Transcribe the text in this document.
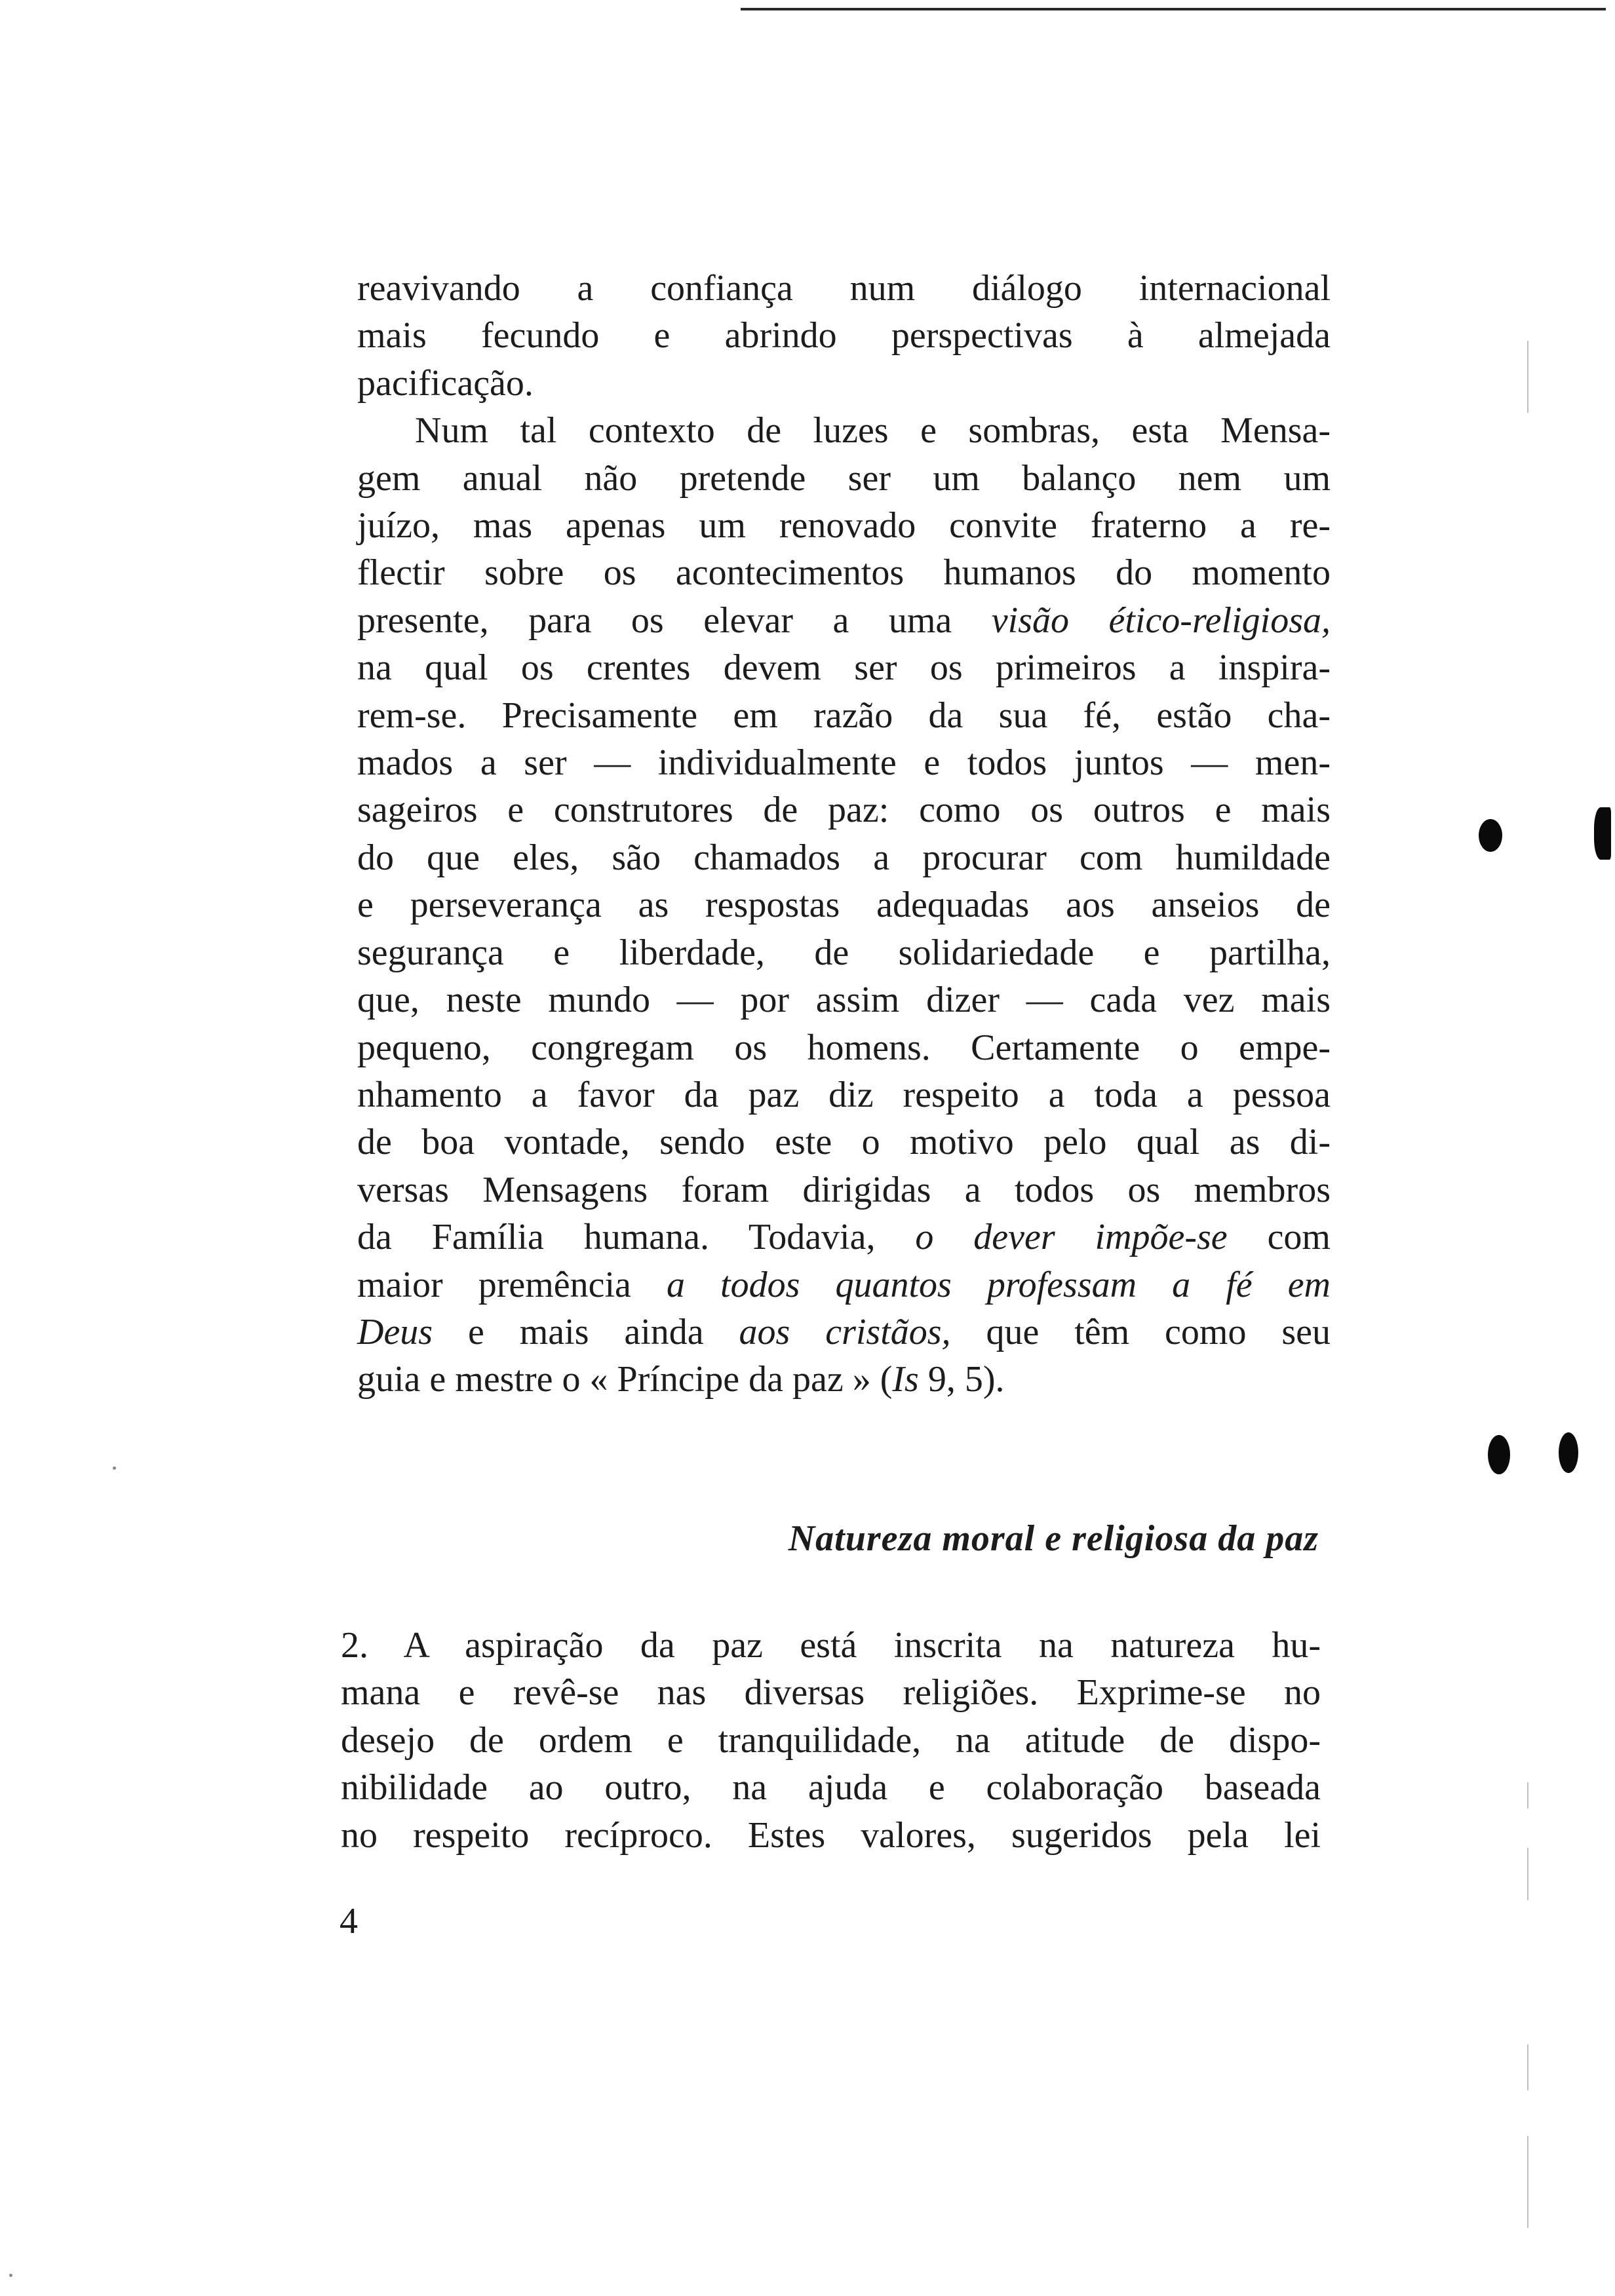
reavivando a confiança num diálogo internacional

mais fecundo e abrindo perspectivas à almejada

pacificação.

Num tal contexto de luzes e sombras, esta Mensa-

gem anual não pretende ser um balanço nem um

juízo, mas apenas um renovado convite fraterno a re-

flectir sobre os acontecimentos humanos do momento

presente, para os elevar a uma visão ético-religiosa,

na qual os crentes devem ser os primeiros a inspira-

rem-se. Precisamente em razão da sua fé, estão cha-

mados a ser — individualmente e todos juntos — men-

sageiros e construtores de paz: como os outros e mais

do que eles, são chamados a procurar com humildade

e perseverança as respostas adequadas aos anseios de

segurança e liberdade, de solidariedade e partilha,

que, neste mundo — por assim dizer — cada vez mais

pequeno, congregam os homens. Certamente o empe-

nhamento a favor da paz diz respeito a toda a pessoa

de boa vontade, sendo este o motivo pelo qual as di-

versas Mensagens foram dirigidas a todos os membros

da Família humana. Todavia, o dever impõe-se com

maior premência a todos quantos professam a fé em

Deus e mais ainda aos cristãos, que têm como seu

guia e mestre o « Príncipe da paz » (Is 9, 5).

Natureza moral e religiosa da paz

2. A aspiração da paz está inscrita na natureza hu-

mana e revê-se nas diversas religiões. Exprime-se no

desejo de ordem e tranquilidade, na atitude de dispo-

nibilidade ao outro, na ajuda e colaboração baseada

no respeito recíproco. Estes valores, sugeridos pela lei

4
